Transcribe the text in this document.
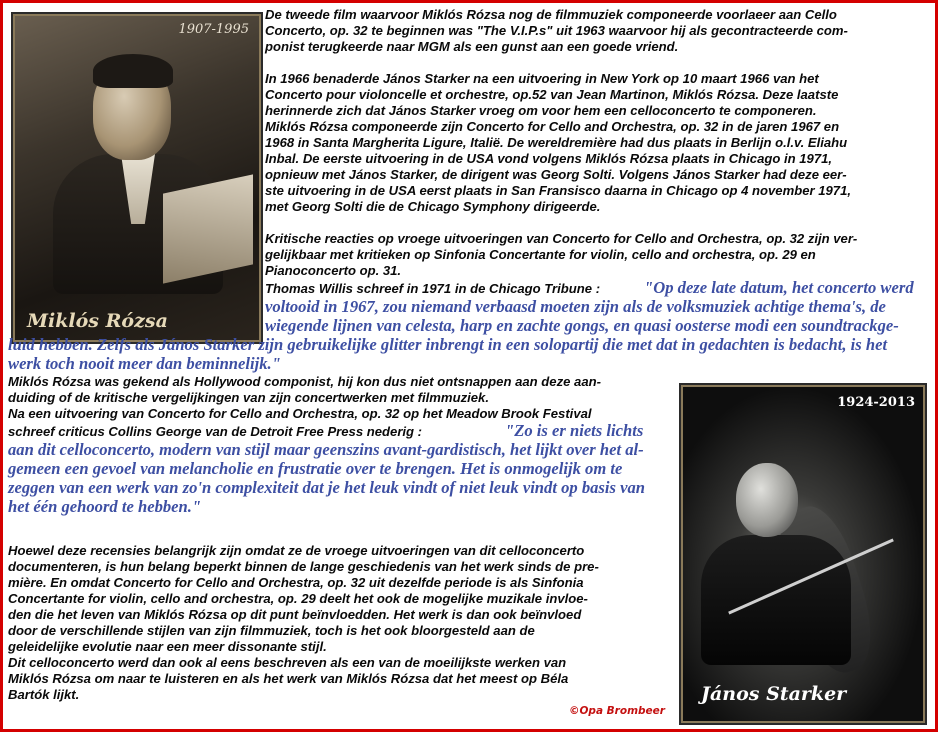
1907-1995
Miklós Rózsa
1924-2013
János Starker
De tweede film waarvoor Miklós Rózsa nog de filmmuziek componeerde voorlaeer aan Cello
Concerto, op. 32 te beginnen was "The V.I.P.s" uit 1963 waarvoor hij als gecontracteerde com-
ponist terugkeerde naar MGM als een gunst aan een goede vriend.
In 1966 benaderde János Starker na een uitvoering in New York op 10 maart 1966 van het
Concerto pour violoncelle et orchestre, op.52 van Jean Martinon, Miklós Rózsa. Deze laatste
herinnerde zich dat János Starker vroeg om voor hem een celloconcerto te componeren.
Miklós Rózsa componeerde zijn Concerto for Cello and Orchestra, op. 32 in de jaren 1967 en
1968 in Santa Margherita Ligure, Italië. De wereldremière had dus plaats in Berlijn o.l.v. Eliahu
Inbal. De eerste uitvoering in de USA vond volgens Miklós Rózsa plaats in Chicago in 1971,
opnieuw met János Starker, de dirigent was Georg Solti. Volgens János Starker had deze eer-
ste uitvoering in de USA eerst plaats in San Fransisco daarna in Chicago op 4 november 1971,
met Georg Solti die de Chicago Symphony dirigeerde.
Kritische reacties op vroege uitvoeringen van Concerto for Cello and Orchestra, op. 32 zijn ver-
gelijkbaar met kritieken op Sinfonia Concertante for violin, cello and orchestra, op. 29 en
Pianoconcerto op. 31.
Thomas Willis schreef in 1971 in de Chicago Tribune :	"Op deze late datum, het concerto werd
voltooid in 1967, zou niemand verbaasd moeten zijn als de volksmuziek achtige thema's, de
wiegende lijnen van celesta, harp en zachte gongs, en quasi oosterse modi een soundtrackge-
luid hebben. Zelfs als János Starker zijn gebruikelijke glitter inbrengt in een solopartij die met dat in gedachten is bedacht, is het
werk toch nooit meer dan beminnelijk."
Miklós Rózsa was gekend als Hollywood componist, hij kon dus niet ontsnappen aan deze aan-
duiding of de kritische vergelijkingen van zijn concertwerken met filmmuziek.
Na een uitvoering van Concerto for Cello and Orchestra, op. 32 op het Meadow Brook Festival
schreef criticus Collins George van de Detroit Free Press nederig :	"Zo is er niets lichts
aan dit celloconcerto, modern van stijl maar geenszins avant-gardistisch, het lijkt over het al-
gemeen een gevoel van melancholie en frustratie over te brengen. Het is onmogelijk om te
zeggen van een werk van zo'n complexiteit dat je het leuk vindt of niet leuk vindt op basis van
het één gehoord te hebben."
Hoewel deze recensies belangrijk zijn omdat ze de vroege uitvoeringen van dit celloconcerto
documenteren, is hun belang beperkt binnen de lange geschiedenis van het werk sinds de pre-
mière. En omdat Concerto for Cello and Orchestra, op. 32 uit dezelfde periode is als Sinfonia
Concertante for violin, cello and orchestra, op. 29 deelt het ook de mogelijke muzikale invloe-
den die het leven van Miklós Rózsa op dit punt beïnvloedden. Het werk is dan ook beïnvloed
door de verschillende stijlen van zijn filmmuziek, toch is het ook bloorgesteld aan de
geleidelijke evolutie naar een meer dissonante stijl.
Dit celloconcerto werd dan ook al eens beschreven als een van de moeilijkste werken van
Miklós Rózsa om naar te luisteren en als het werk van Miklós Rózsa dat het meest op Béla
Bartók lijkt.
©Opa Brombeer
